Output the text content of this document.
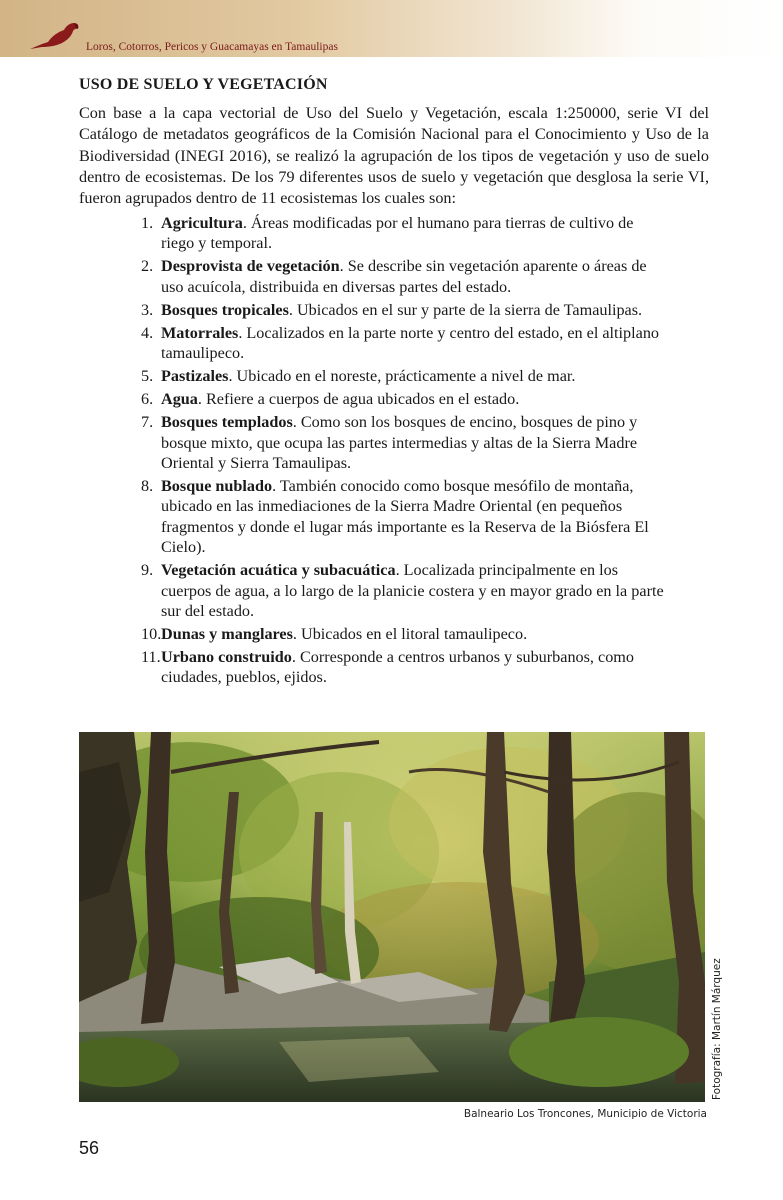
Loros, Cotorros, Pericos y Guacamayas en Tamaulipas
USO DE SUELO Y VEGETACIÓN

Con base a la capa vectorial de Uso del Suelo y Vegetación, escala 1:250000, serie VI del Catálogo de metadatos geográficos de la Comisión Nacional para el Conocimiento y Uso de la Biodiversidad (INEGI 2016), se realizó la agrupación de los tipos de vegetación y uso de suelo dentro de ecosistemas. De los 79 diferentes usos de suelo y vegetación que desglosa la serie VI, fueron agrupados dentro de 11 ecosistemas los cuales son:

1. Agricultura. Áreas modificadas por el humano para tierras de cultivo de riego y temporal.
2. Desprovista de vegetación. Se describe sin vegetación aparente o áreas de uso acuícola, distribuida en diversas partes del estado.
3. Bosques tropicales. Ubicados en el sur y parte de la sierra de Tamaulipas.
4. Matorrales. Localizados en la parte norte y centro del estado, en el altiplano tamaulipeco.
5. Pastizales. Ubicado en el noreste, prácticamente a nivel de mar.
6. Agua. Refiere a cuerpos de agua ubicados en el estado.
7. Bosques templados. Como son los bosques de encino, bosques de pino y bosque mixto, que ocupa las partes intermedias y altas de la Sierra Madre Oriental y Sierra Tamaulipas.
8. Bosque nublado. También conocido como bosque mesófilo de montaña, ubicado en las inmediaciones de la Sierra Madre Oriental (en pequeños fragmentos y donde el lugar más importante es la Reserva de la Biósfera El Cielo).
9. Vegetación acuática y subacuática. Localizada principalmente en los cuerpos de agua, a lo largo de la planicie costera y en mayor grado en la parte sur del estado.
10. Dunas y manglares. Ubicados en el litoral tamaulipeco.
11. Urbano construido. Corresponde a centros urbanos y suburbanos, como ciudades, pueblos, ejidos.
Fotografía: Martín Márquez
Balneario Los Troncones, Municipio de Victoria
56
